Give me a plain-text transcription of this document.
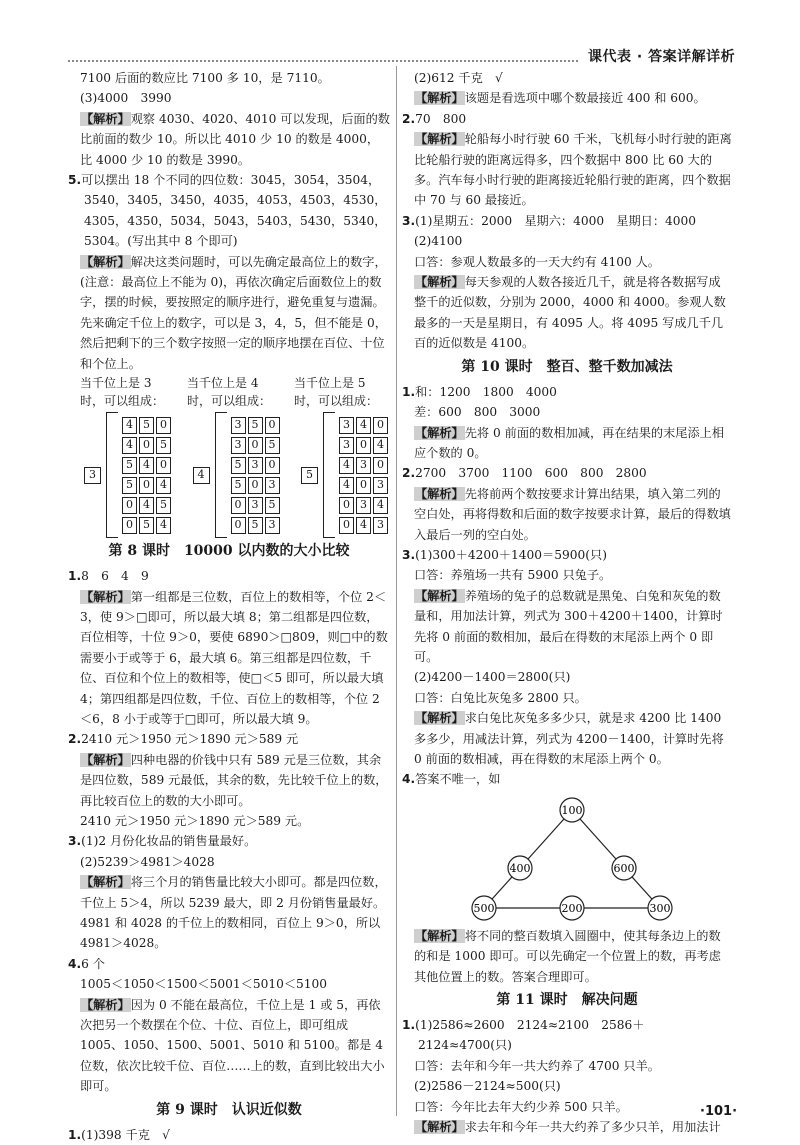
课代表 · 答案详解详析

7100 后面的数应比 7100 多 10，是 7110。

(3)4000　3990

【解析】观察 4030、4020、4010 可以发现，后面的数比前面的数少 10。所以比 4010 少 10 的数是 4000，比 4000 少 10 的数是 3990。

5.可以摆出 18 个不同的四位数：3045，3054，3504，3540，3405，3450，4035，4053，4503，4530，4305，4350，5034，5043，5403，5430，5340，5304。(写出其中 8 个即可)

【解析】解决这类问题时，可以先确定最高位上的数字，(注意：最高位上不能为 0)，再依次确定后面数位上的数字，摆的时候，要按照定的顺序进行，避免重复与遗漏。

先来确定千位上的数字，可以是 3，4，5，但不能是 0，然后把剩下的三个数字按照一定的顺序地摆在百位、十位和个位上。

当千位上是 3 时，可以组成：
当千位上是 4 时，可以组成：
当千位上是 5 时，可以组成：
3
4 5 0
4 0 5
5 4 0
5 0 4
0 4 5
0 5 4
4
3 5 0
3 0 5
5 3 0
5 0 3
0 3 5
0 5 3
5
3 4 0
3 0 4
4 3 0
4 0 3
0 3 4
0 4 3

第 8 课时　10000 以内数的大小比较

1.8　6　4　9

【解析】第一组都是三位数，百位上的数相等，个位 2＜3，使 9＞□即可，所以最大填 8；第二组都是四位数，百位相等，十位 9＞0，要使 6890＞□809，则□中的数需要小于或等于 6，最大填 6。第三组都是四位数，千位、百位和个位上的数相等，使□＜5 即可，所以最大填 4；第四组都是四位数，千位、百位上的数相等，个位 2＜6，8 小于或等于□即可，所以最大填 9。

2.2410 元＞1950 元＞1890 元＞589 元

【解析】四种电器的价钱中只有 589 元是三位数，其余是四位数，589 元最低，其余的数，先比较千位上的数，再比较百位上的数的大小即可。

2410 元＞1950 元＞1890 元＞589 元。

3.(1)2 月份化妆品的销售量最好。

(2)5239＞4981＞4028

【解析】将三个月的销售量比较大小即可。都是四位数，千位上 5＞4，所以 5239 最大，即 2 月份销售量最好。4981 和 4028 的千位上的数相同，百位上 9＞0，所以 4981＞4028。

4.6 个

1005＜1050＜1500＜5001＜5010＜5100

【解析】因为 0 不能在最高位，千位上是 1 或 5，再依次把另一个数摆在个位、十位、百位上，即可组成 1005、1050、1500、5001、5010 和 5100。都是 4 位数，依次比较千位、百位……上的数，直到比较出大小即可。

第 9 课时　认识近似数

1.(1)398 千克　√

(2)612 千克　√

【解析】该题是看选项中哪个数最接近 400 和 600。

2.70　800

【解析】轮船每小时行驶 60 千米，飞机每小时行驶的距离比轮船行驶的距离远得多，四个数据中 800 比 60 大的多。汽车每小时行驶的距离接近轮船行驶的距离，四个数据中 70 与 60 最接近。

3.(1)星期五：2000　星期六：4000　星期日：4000

(2)4100

口答：参观人数最多的一天大约有 4100 人。

【解析】每天参观的人数各接近几千，就是将各数据写成整千的近似数，分别为 2000，4000 和 4000。参观人数最多的一天是星期日，有 4095 人。将 4095 写成几千几百的近似数是 4100。

第 10 课时　整百、整千数加减法

1.和：1200　1800　4000

差：600　800　3000

【解析】先将 0 前面的数相加减，再在结果的末尾添上相应个数的 0。

2.2700　3700　1100　600　800　2800

【解析】先将前两个数按要求计算出结果，填入第二列的空白处，再将得数和后面的数字按要求计算，最后的得数填入最后一列的空白处。

3.(1)300＋4200＋1400＝5900(只)

口答：养殖场一共有 5900 只兔子。

【解析】养殖场的兔子的总数就是黑兔、白兔和灰兔的数量和，用加法计算，列式为 300＋4200＋1400，计算时先将 0 前面的数相加，最后在得数的末尾添上两个 0 即可。

(2)4200－1400＝2800(只)

口答：白兔比灰兔多 2800 只。

【解析】求白兔比灰兔多多少只，就是求 4200 比 1400 多多少，用减法计算，列式为 4200－1400，计算时先将 0 前面的数相减，再在得数的末尾添上两个 0。

4.答案不唯一，如

100
400	600
500	200	300

【解析】将不同的整百数填入圆圈中，使其每条边上的数的和是 1000 即可。可以先确定一个位置上的数，再考虑其他位置上的数。答案合理即可。

第 11 课时　解决问题

1.(1)2586≈2600　2124≈2100　2586＋2124≈4700(只)

口答：去年和今年一共大约养了 4700 只羊。

(2)2586－2124≈500(只)

口答：今年比去年大约少养 500 只羊。

【解析】求去年和今年一共大约养了多少只羊，用加法计

·101·
